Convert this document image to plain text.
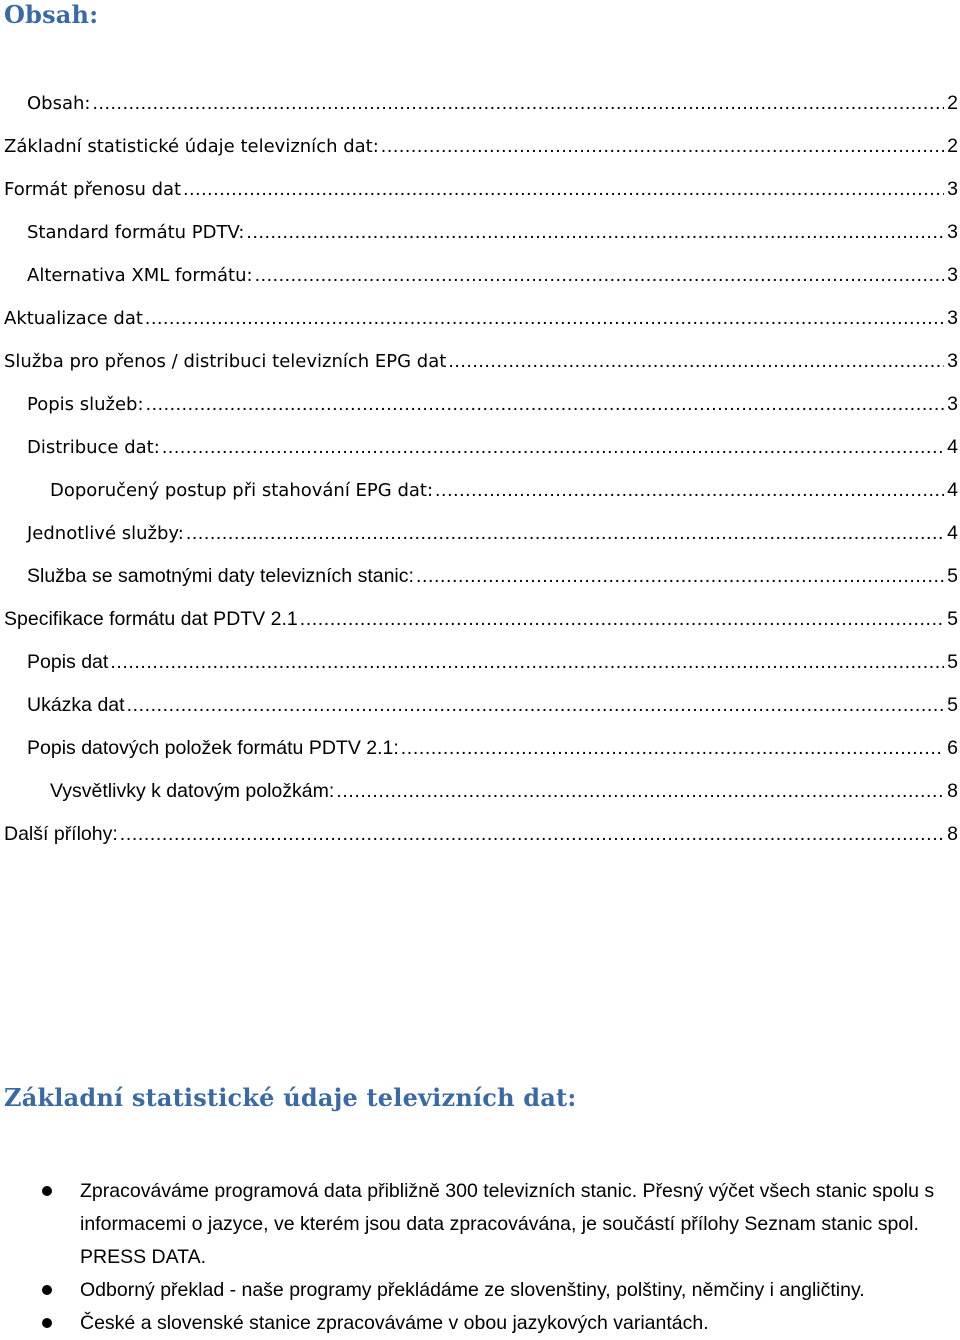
Obsah:
Obsah: .....	2
Základní statistické údaje televizních dat: .....	2
Formát přenosu dat .....	3
Standard formátu PDTV: .....	3
Alternativa XML formátu: .....	3
Aktualizace dat .....	3
Služba pro přenos / distribuci televizních EPG dat .....	3
Popis služeb: .....	3
Distribuce dat: .....	4
Doporučený postup při stahování EPG dat: .....	4
Jednotlivé služby: .....	4
Služba se samotnými daty televizních stanic: .....	5
Specifikace formátu dat PDTV 2.1 .....	5
Popis dat .....	5
Ukázka dat .....	5
Popis datových položek formátu PDTV 2.1: .....	6
Vysvětlivky k datovým položkám: .....	8
Další přílohy: .....	8
Základní statistické údaje televizních dat:
Zpracováváme programová data přibližně 300 televizních stanic. Přesný výčet všech stanic spolu s informacemi o jazyce, ve kterém jsou data zpracovávána, je součástí přílohy Seznam stanic spol. PRESS DATA.
Odborný překlad - naše programy překládáme ze slovenštiny, polštiny, němčiny i angličtiny.
České a slovenské stanice zpracováváme v obou jazykových variantách.
